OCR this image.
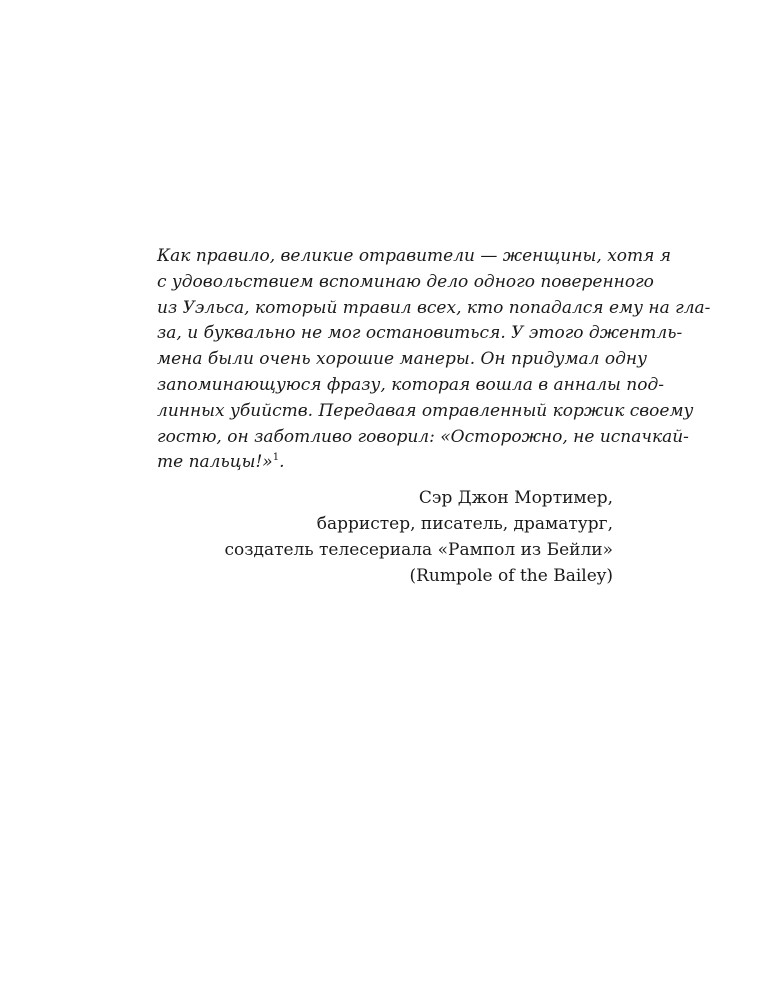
Как правило, великие отравители — женщины, хотя я
с удовольствием вспоминаю дело одного поверенного
из Уэльса, который травил всех, кто попадался ему на гла-
за, и буквально не мог остановиться. У этого джентль-
мена были очень хорошие манеры. Он придумал одну
запоминающуюся фразу, которая вошла в анналы под-
линных убийств. Передавая отравленный коржик своему
гостю, он заботливо говорил: «Осторожно, не испачкай-
те пальцы!»$^1$.
Сэр Джон Мортимер,
барристер, писатель, драматург,
создатель телесериала «Рампол из Бейли»
(Rumpole of the Bailey)
